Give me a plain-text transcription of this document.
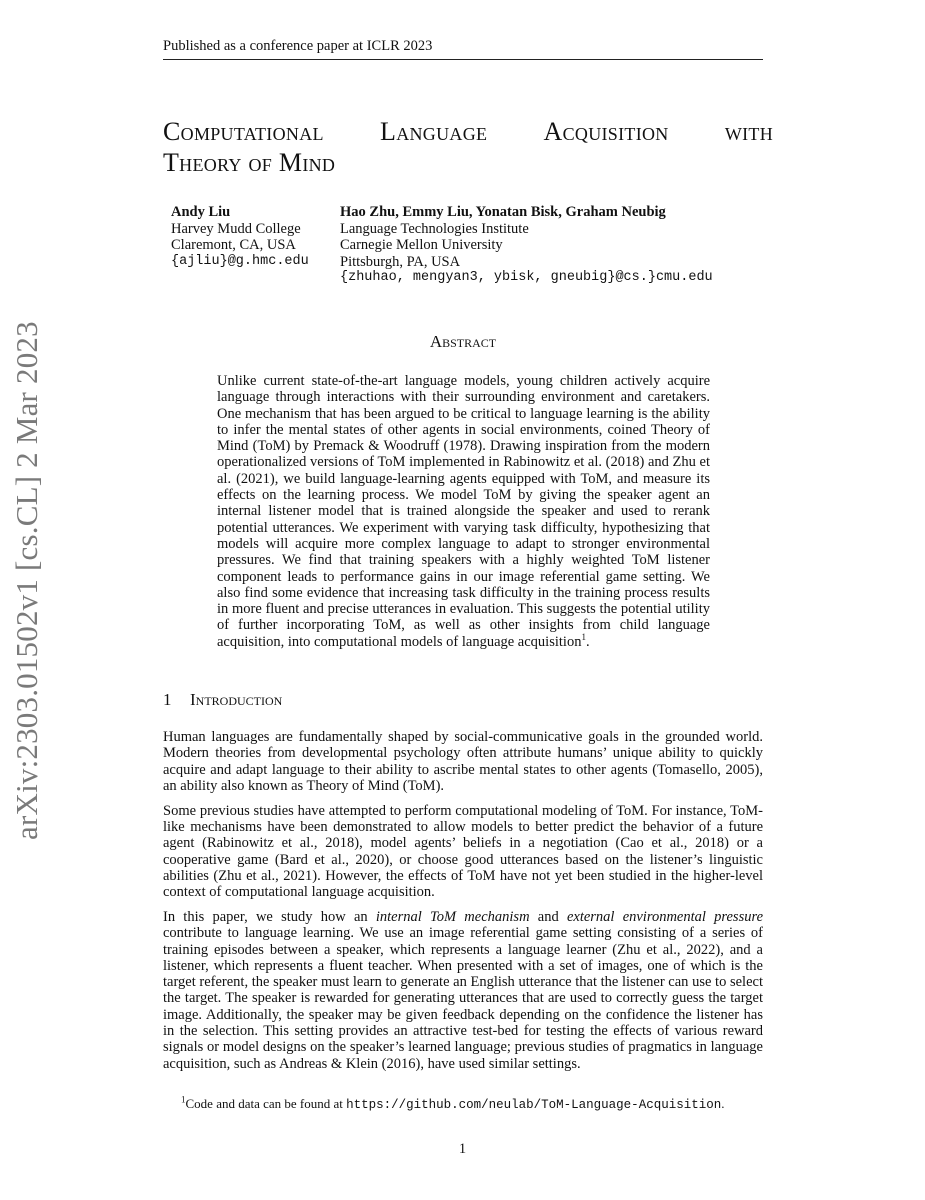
Published as a conference paper at ICLR 2023
Computational Language Acquisition with
Theory of Mind
Andy Liu
Harvey Mudd College
Claremont, CA, USA
{ajliu}@g.hmc.edu
Hao Zhu, Emmy Liu, Yonatan Bisk, Graham Neubig
Language Technologies Institute
Carnegie Mellon University
Pittsburgh, PA, USA
{zhuhao, mengyan3, ybisk, gneubig}@cs.}cmu.edu
arXiv:2303.01502v1 [cs.CL] 2 Mar 2023	Abstract

Unlike current state-of-the-art language models, young children actively acquire language through interactions with their surrounding environment and caretakers. One mechanism that has been argued to be critical to language learning is the ability to infer the mental states of other agents in social environments, coined Theory of Mind (ToM) by Premack & Woodruff (1978). Drawing inspiration from the modern operationalized versions of ToM implemented in Rabinowitz et al. (2018) and Zhu et al. (2021), we build language-learning agents equipped with ToM, and measure its effects on the learning process. We model ToM by giving the speaker agent an internal listener model that is trained alongside the speaker and used to rerank potential utterances. We experiment with varying task difficulty, hypothesizing that models will acquire more complex language to adapt to stronger environmental pressures. We find that training speakers with a highly weighted ToM listener component leads to performance gains in our image referential game setting. We also find some evidence that increasing task difficulty in the training process results in more fluent and precise utterances in evaluation. This suggests the potential utility of further incorporating ToM, as well as other insights from child language acquisition, into computational models of language acquisition$^1$.

1 Introduction

Human languages are fundamentally shaped by social-communicative goals in the grounded world. Modern theories from developmental psychology often attribute humans’ unique ability to quickly acquire and adapt language to their ability to ascribe mental states to other agents (Tomasello, 2005), an ability also known as Theory of Mind (ToM).

Some previous studies have attempted to perform computational modeling of ToM. For instance, ToM-like mechanisms have been demonstrated to allow models to better predict the behavior of a future agent (Rabinowitz et al., 2018), model agents’ beliefs in a negotiation (Cao et al., 2018) or a cooperative game (Bard et al., 2020), or choose good utterances based on the listener’s linguistic abilities (Zhu et al., 2021). However, the effects of ToM have not yet been studied in the higher-level context of computational language acquisition.

In this paper, we study how an internal ToM mechanism and external environmental pressure contribute to language learning. We use an image referential game setting consisting of a series of training episodes between a speaker, which represents a language learner (Zhu et al., 2022), and a listener, which represents a fluent teacher. When presented with a set of images, one of which is the target referent, the speaker must learn to generate an English utterance that the listener can use to select the target. The speaker is rewarded for generating utterances that are used to correctly guess the target image. Additionally, the speaker may be given feedback depending on the confidence the listener has in the selection. This setting provides an attractive test-bed for testing the effects of various reward signals or model designs on the speaker’s learned language; previous studies of pragmatics in language acquisition, such as Andreas & Klein (2016), have used similar settings.

$^1$Code and data can be found at https://github.com/neulab/ToM-Language-Acquisition.
1
